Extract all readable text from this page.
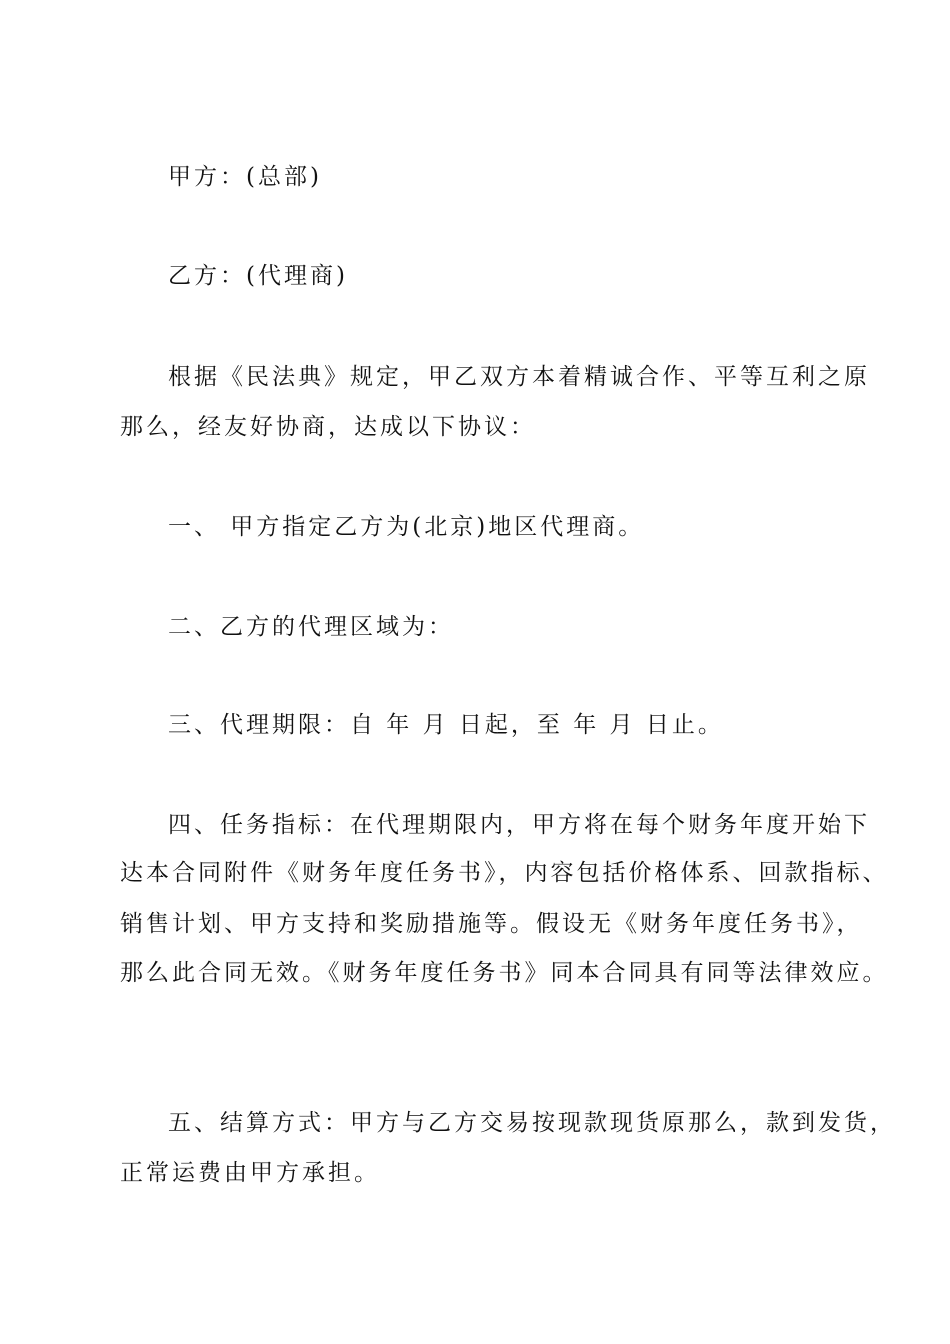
甲方：(总部)
乙方：(代理商)
根据《民法典》规定，甲乙双方本着精诚合作、平等互利之原
那么，经友好协商，达成以下协议：
一、 甲方指定乙方为(北京)地区代理商。
二、乙方的代理区域为：
三、代理期限：自 年 月 日起，至 年 月 日止。
四、任务指标：在代理期限内，甲方将在每个财务年度开始下
达本合同附件《财务年度任务书》，内容包括价格体系、回款指标、
销售计划、甲方支持和奖励措施等。假设无《财务年度任务书》，
那么此合同无效。《财务年度任务书》同本合同具有同等法律效应。
五、结算方式：甲方与乙方交易按现款现货原那么，款到发货，
正常运费由甲方承担。
